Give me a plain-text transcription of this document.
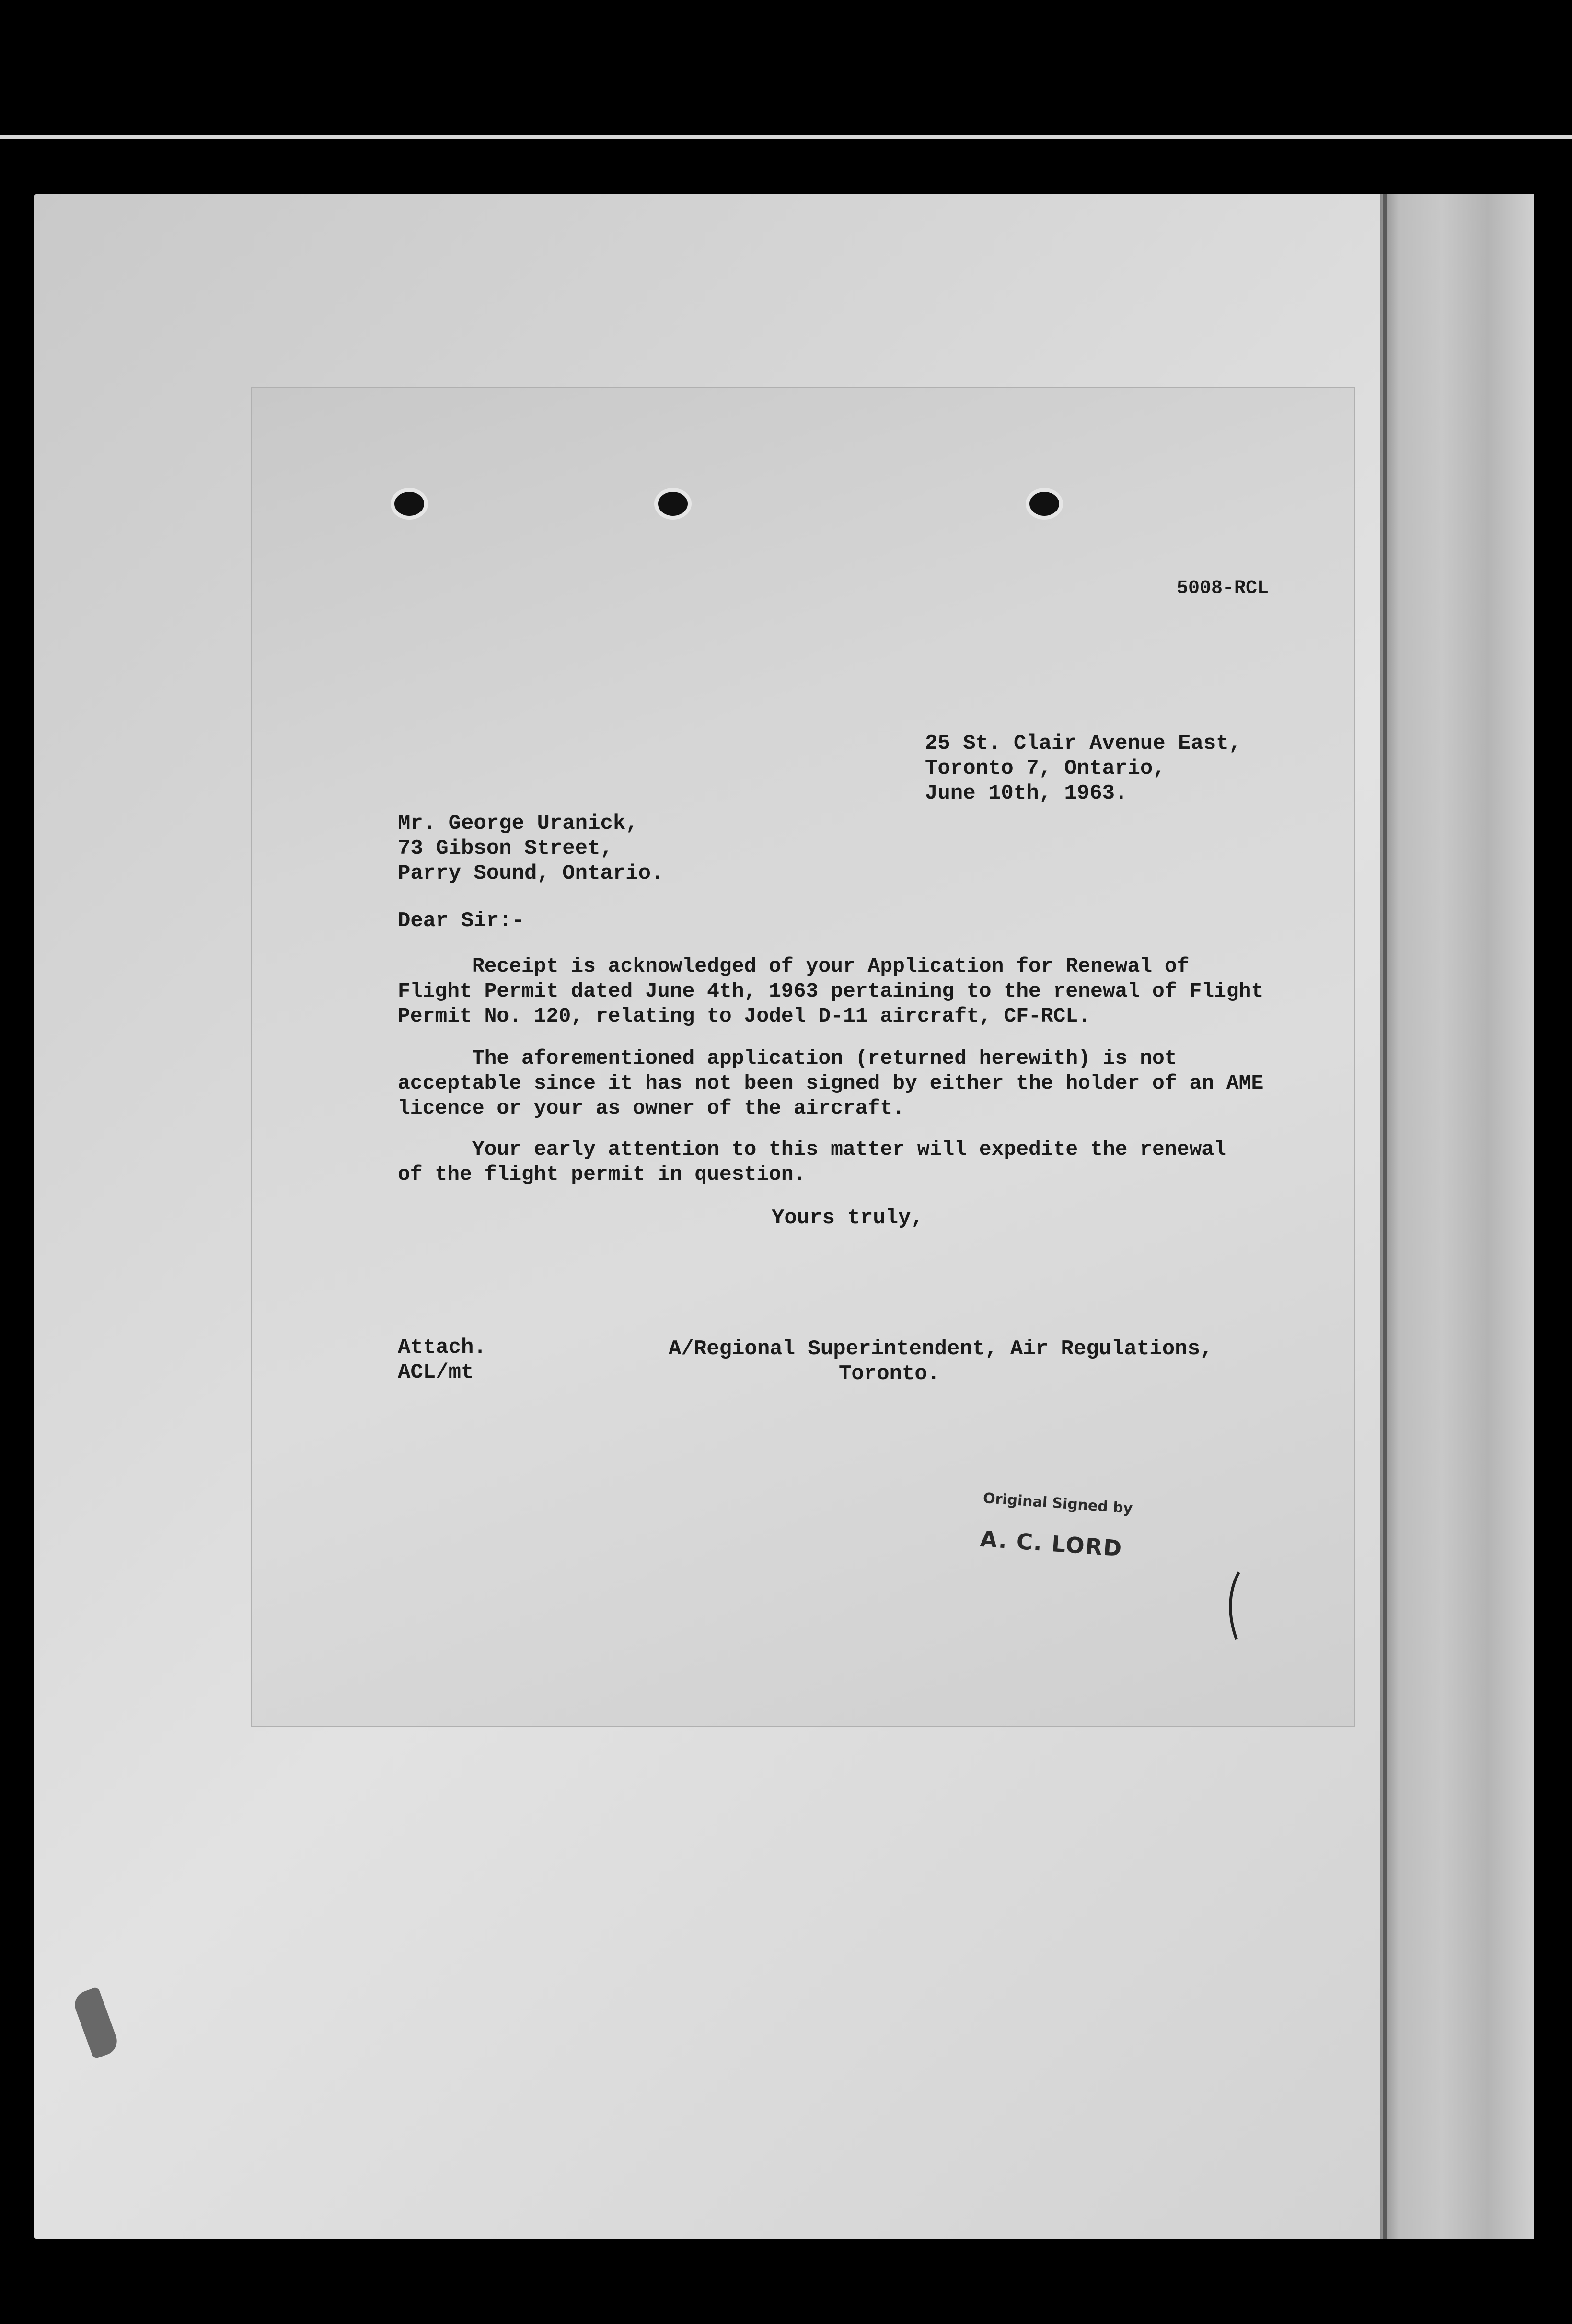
5008-RCL

25 St. Clair Avenue East,

Toronto 7, Ontario,

June 10th, 1963.

Mr. George Uranick,

73 Gibson Street,

Parry Sound, Ontario.

Dear Sir:-

Receipt is acknowledged of your Application for Renewal of

Flight Permit dated June 4th, 1963 pertaining to the renewal of Flight

Permit No. 120, relating to Jodel D-11 aircraft, CF-RCL.

The aforementioned application (returned herewith) is not

acceptable since it has not been signed by either the holder of an AME

licence or your as owner of the aircraft.

Your early attention to this matter will expedite the renewal

of the flight permit in question.

Yours truly,

Attach.

ACL/mt

A/Regional Superintendent, Air Regulations,

Toronto.

Original Signed by

A. C. LORD
